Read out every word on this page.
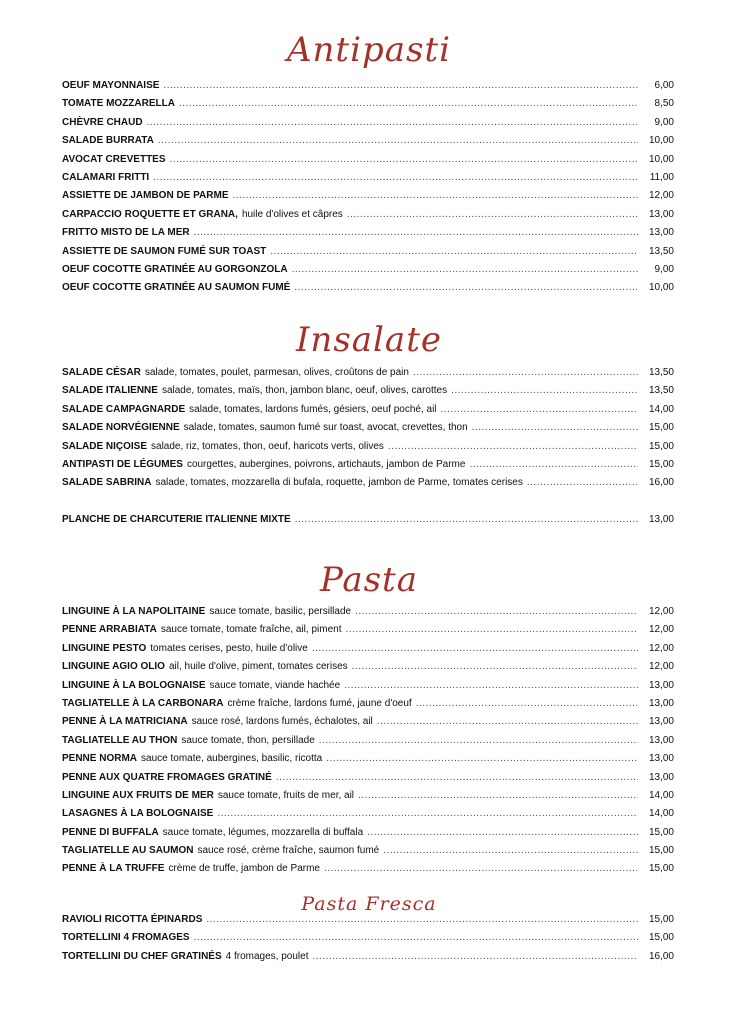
Antipasti
OEUF MAYONNAISE .....	6,00
TOMATE MOZZARELLA .....	8,50
CHÈVRE CHAUD .....	9,00
SALADE BURRATA .....	10,00
AVOCAT CREVETTES .....	10,00
CALAMARI FRITTI .....	11,00
ASSIETTE DE JAMBON DE PARME .....	12,00
CARPACCIO ROQUETTE ET GRANA, huile d'olives et câpres .....	13,00
FRITTO MISTO DE LA MER .....	13,00
ASSIETTE DE SAUMON FUMÉ SUR TOAST .....	13,50
OEUF COCOTTE GRATINÉE AU GORGONZOLA .....	9,00
OEUF COCOTTE GRATINÉE AU SAUMON FUMÉ .....	10,00
Insalate
SALADE CÉSAR salade, tomates, poulet, parmesan, olives, croûtons de pain .....	13,50
SALADE ITALIENNE salade, tomates, maïs, thon, jambon blanc, oeuf, olives, carottes .....	13,50
SALADE CAMPAGNARDE salade, tomates, lardons fumés, gésiers, oeuf poché, ail .....	14,00
SALADE NORVÉGIENNE salade, tomates, saumon fumé sur toast, avocat, crevettes, thon .....	15,00
SALADE NIÇOISE salade, riz, tomates, thon, oeuf, haricots verts, olives .....	15,00
ANTIPASTI DE LÉGUMES courgettes, aubergines, poivrons, artichauts, jambon de Parme .....	15,00
SALADE SABRINA salade, tomates, mozzarella di bufala, roquette, jambon de Parme, tomates cerises .....	16,00
PLANCHE DE CHARCUTERIE ITALIENNE MIXTE .....	13,00
Pasta
LINGUINE À LA NAPOLITAINE sauce tomate, basilic, persillade .....	12,00
PENNE ARRABIATA sauce tomate, tomate fraîche, ail, piment .....	12,00
LINGUINE PESTO tomates cerises, pesto, huile d'olive .....	12,00
LINGUINE AGIO OLIO ail, huile d'olive, piment, tomates cerises .....	12,00
LINGUINE À LA BOLOGNAISE sauce tomate, viande hachée .....	13,00
TAGLIATELLE À LA CARBONARA crème fraîche, lardons fumé, jaune d'oeuf .....	13,00
PENNE À LA MATRICIANA sauce rosé, lardons fumés, échalotes, ail .....	13,00
TAGLIATELLE AU THON sauce tomate, thon, persillade .....	13,00
PENNE NORMA sauce tomate, aubergines, basilic, ricotta .....	13,00
PENNE AUX QUATRE FROMAGES GRATINÉ .....	13,00
LINGUINE AUX FRUITS DE MER sauce tomate, fruits de mer, ail .....	14,00
LASAGNES À LA BOLOGNAISE .....	14,00
PENNE DI BUFFALA sauce tomate, légumes, mozzarella di buffala .....	15,00
TAGLIATELLE AU SAUMON sauce rosé, crème fraîche, saumon fumé .....	15,00
PENNE À LA TRUFFE crème de truffe, jambon de Parme .....	15,00
Pasta Fresca
RAVIOLI RICOTTA ÉPINARDS .....	15,00
TORTELLINI 4 FROMAGES .....	15,00
TORTELLINI DU CHEF GRATINÉS 4 fromages, poulet .....	16,00
